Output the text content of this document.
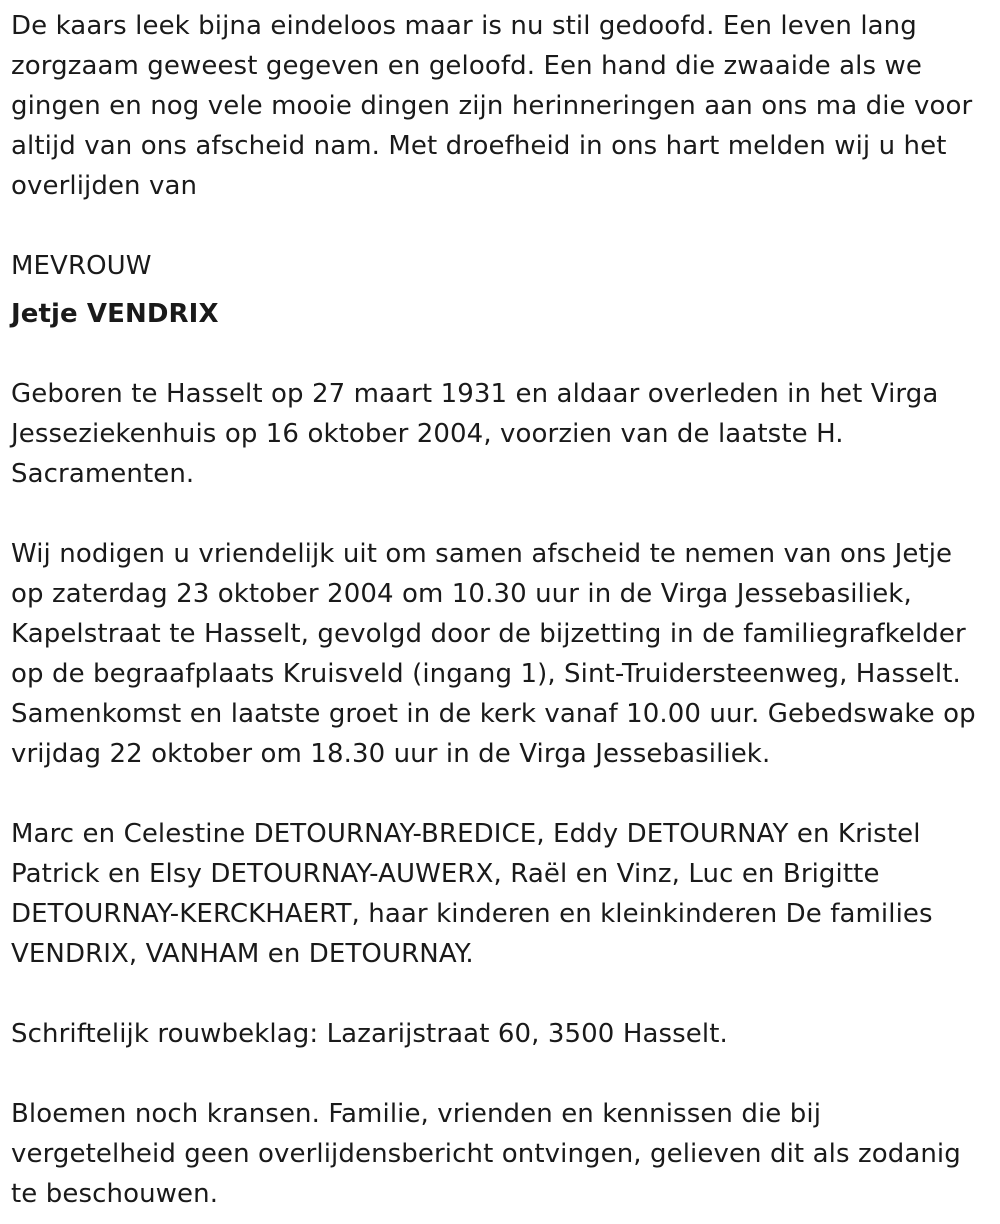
De kaars leek bijna eindeloos maar is nu stil gedoofd. Een leven lang zorgzaam geweest gegeven en geloofd. Een hand die zwaaide als we gingen en nog vele mooie dingen zijn herinneringen aan ons ma die voor altijd van ons afscheid nam. Met droefheid in ons hart melden wij u het overlijden van

MEVROUW

Jetje VENDRIX

Geboren te Hasselt op 27 maart 1931 en aldaar overleden in het Virga Jesseziekenhuis op 16 oktober 2004, voorzien van de laatste H. Sacramenten.

Wij nodigen u vriendelijk uit om samen afscheid te nemen van ons Jetje op zaterdag 23 oktober 2004 om 10.30 uur in de Virga Jessebasiliek, Kapelstraat te Hasselt, gevolgd door de bijzetting in de familiegrafkelder op de begraafplaats Kruisveld (ingang 1), Sint-Truidersteenweg, Hasselt. Samenkomst en laatste groet in de kerk vanaf 10.00 uur. Gebedswake op vrijdag 22 oktober om 18.30 uur in de Virga Jessebasiliek.

Marc en Celestine DETOURNAY-BREDICE, Eddy DETOURNAY en Kristel Patrick en Elsy DETOURNAY-AUWERX, Raël en Vinz, Luc en Brigitte DETOURNAY-KERCKHAERT, haar kinderen en kleinkinderen De families VENDRIX, VANHAM en DETOURNAY.

Schriftelijk rouwbeklag: Lazarijstraat 60, 3500 Hasselt.

Bloemen noch kransen. Familie, vrienden en kennissen die bij vergetelheid geen overlijdensbericht ontvingen, gelieven dit als zodanig te beschouwen.
